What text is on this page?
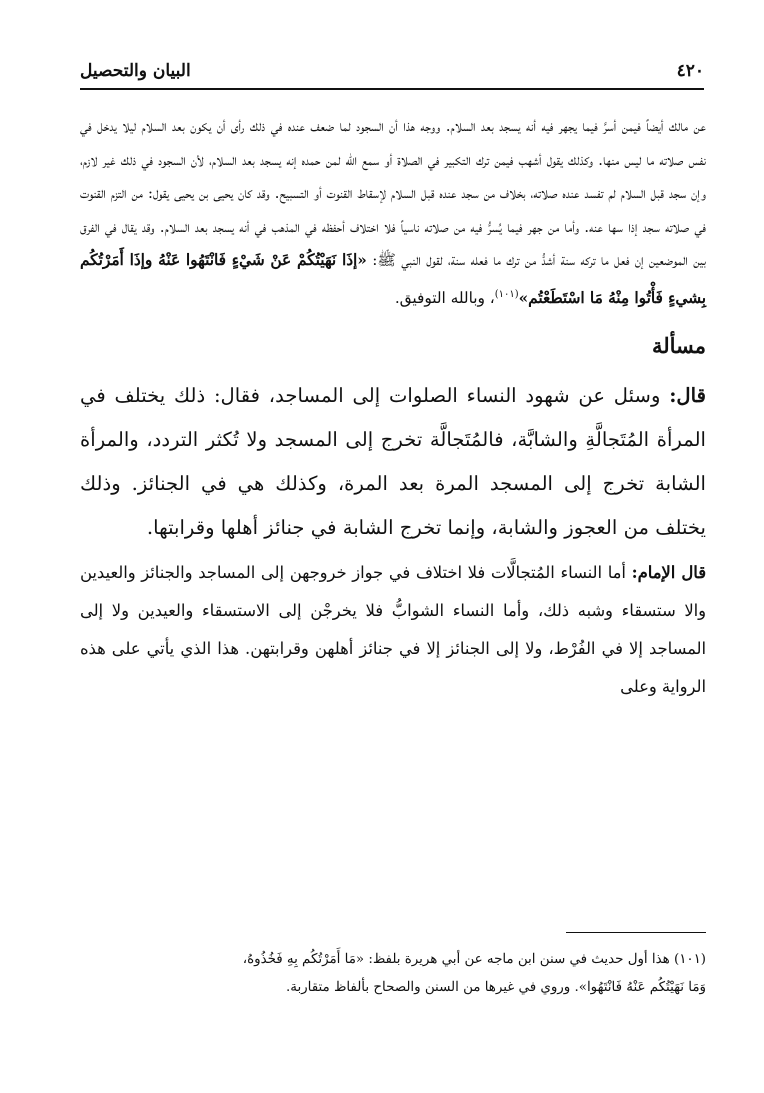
٤٢٠
البيان والتحصيل

عن مالك أيضاً فيمن أسرَّ فيما يجهر فيه أنه يسجد بعد السلام. ووجه هذا أن السجود لما ضعف عنده في ذلك رأى أن يكون بعد السلام ليلا يدخل في نفس صلاته ما ليس منها. وكذلك يقول أشهب فيمن ترك التكبير في الصلاة أو سمع الله لمن حمده إنه يسجد بعد السلام، لأن السجود في ذلك غير لازم، وإن سجد قبل السلام لم تفسد عنده صلاته، بخلاف من سجد عنده قبل السلام لإسقاط القنوت أو التسبيح. وقد كان يحيى بن يحيى يقول: من التزم القنوت في صلاته سجد إذا سها عنه. وأما من جهر فيما يُسرُّ فيه من صلاته ناسياً فلا اختلاف أحفظه في المذهب في أنه يسجد بعد السلام. وقد يقال في الفرق بين الموضعين إن فعل ما تركه سنة أشدُّ من ترك ما فعله سنة، لقول النبي ﷺ: «إذَا نَهَيْتُكُمْ عَنْ شَيْءٍ فَانْتَهُوا عَنْهُ وإذَا أَمَرْتُكُم بِشيءٍ فَأْتُوا مِنْهُ مَا اسْتَطَعْتُم»$^{(١٠١)}$، وبالله التوفيق.

مسألة

قال: وسئل عن شهود النساء الصلوات إلى المساجد، فقال: ذلك يختلف في المرأة المُتَجالَّةِ والشابَّة، فالمُتَجالَّة تخرج إلى المسجد ولا تُكثر التردد، والمرأة الشابة تخرج إلى المسجد المرة بعد المرة، وكذلك هي في الجنائز. وذلك يختلف من العجوز والشابة، وإنما تخرج الشابة في جنائز أهلها وقرابتها.

قال الإمام: أما النساء المُتجالَّات فلا اختلاف في جواز خروجهن إلى المساجد والجنائز والعيدين والا ستسقاء وشبه ذلك، وأما النساء الشوابُّ فلا يخرجْن إلى الاستسقاء والعيدين ولا إلى المساجد إلا في الفُرْط، ولا إلى الجنائز إلا في جنائز أهلهن وقرابتهن. هذا الذي يأتي على هذه الرواية وعلى

(١٠١) هذا أول حديث في سنن ابن ماجه عن أبي هريرة بلفظ: «مَا أَمَرْتُكُم بِهِ فَخُذُوهُ،
وَمَا نَهَيْتُكُم عَنْهُ فَانْتَهُوا». وروي في غيرها من السنن والصحاح بألفاظ متقاربة.
